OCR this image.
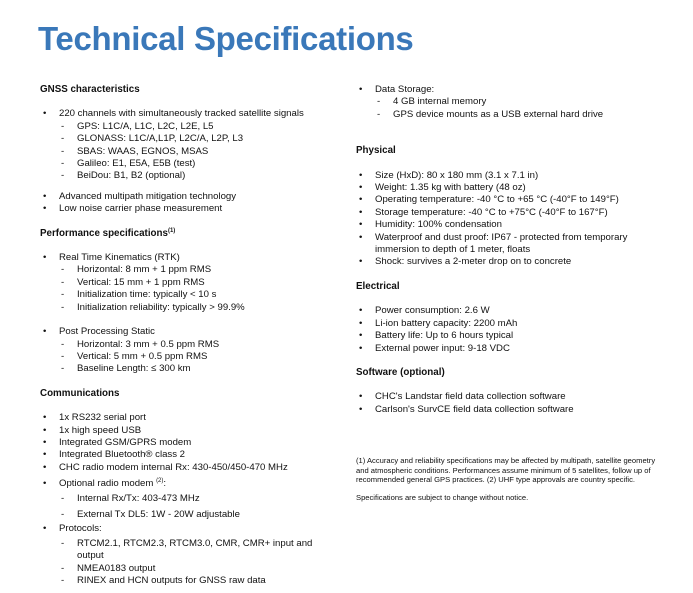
Technical Specifications

GNSS characteristics

• 220 channels with simultaneously tracked satellite signals
- GPS: L1C/A, L1C, L2C, L2E, L5
- GLONASS: L1C/A,L1P, L2C/A, L2P, L3
- SBAS: WAAS, EGNOS, MSAS
- Galileo: E1, E5A, E5B (test)
- BeiDou: B1, B2 (optional)
• Advanced multipath mitigation technology
• Low noise carrier phase measurement

Performance specifications$^{(1)}$

• Real Time Kinematics (RTK)
- Horizontal: 8 mm + 1 ppm RMS
- Vertical: 15 mm + 1 ppm RMS
- Initialization time: typically < 10 s
- Initialization reliability: typically > 99.9%
• Post Processing Static
- Horizontal: 3 mm + 0.5 ppm RMS
- Vertical: 5 mm + 0.5 ppm RMS
- Baseline Length: ≤ 300 km

Communications

• 1x RS232 serial port
• 1x high speed USB
• Integrated GSM/GPRS modem
• Integrated Bluetooth® class 2
• CHC radio modem internal Rx: 430-450/450-470 MHz
• Optional radio modem $^{(2)}$:
- Internal Rx/Tx: 403-473 MHz
- External Tx DL5: 1W - 20W adjustable
• Protocols:
- RTCM2.1, RTCM2.3, RTCM3.0, CMR, CMR+ input and output
- NMEA0183 output
- RINEX and HCN outputs for GNSS raw data
• Data Storage:
- 4 GB internal memory
- GPS device mounts as a USB external hard drive

Physical

• Size (HxD): 80 x 180 mm (3.1 x 7.1 in)
• Weight: 1.35 kg with battery (48 oz)
• Operating temperature: -40 °C to +65 °C (-40°F to 149°F)
• Storage temperature: -40 °C to +75°C (-40°F to 167°F)
• Humidity: 100% condensation
• Waterproof and dust proof: IP67 - protected from temporary immersion to depth of 1 meter, floats
• Shock: survives a 2-meter drop on to concrete

Electrical

• Power consumption: 2.6 W
• Li-ion battery capacity: 2200 mAh
• Battery life: Up to 6 hours typical
• External power input: 9-18 VDC

Software (optional)

• CHC's Landstar field data collection software
• Carlson's SurvCE field data collection software
(1) Accuracy and reliability specifications may be affected by multipath, satellite geometry and atmospheric conditions. Performances assume minimum of 5 satellites, follow up of recommended general GPS practices. (2) UHF type approvals are country specific.
Specifications are subject to change without notice.
